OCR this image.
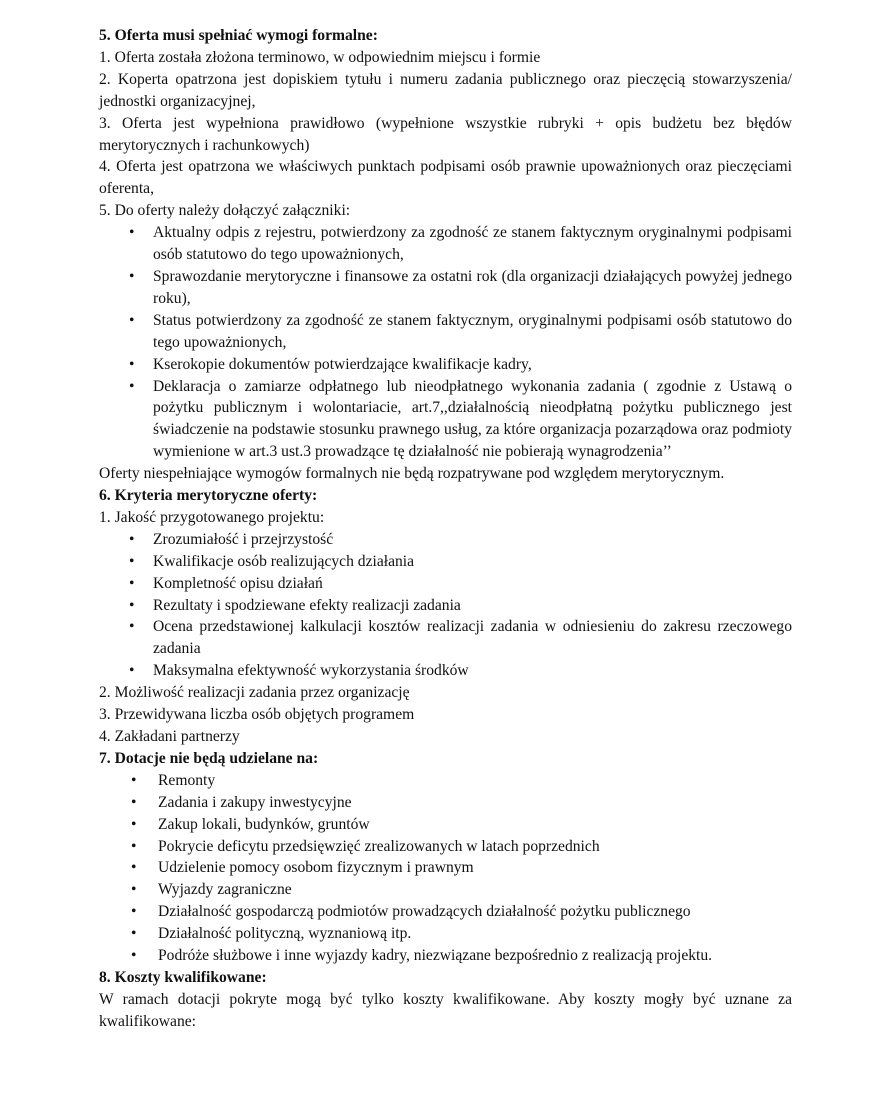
5. Oferta musi spełniać wymogi formalne:
1. Oferta została złożona terminowo, w odpowiednim miejscu i formie
2. Koperta opatrzona jest dopiskiem tytułu i numeru zadania publicznego oraz pieczęcią stowarzyszenia/ jednostki organizacyjnej,
3. Oferta jest wypełniona prawidłowo (wypełnione wszystkie rubryki + opis budżetu bez błędów merytorycznych i rachunkowych)
4. Oferta jest opatrzona we właściwych punktach podpisami osób prawnie upoważnionych oraz pieczęciami oferenta,
5. Do oferty należy dołączyć załączniki:
• Aktualny odpis z rejestru, potwierdzony za zgodność ze stanem faktycznym oryginalnymi podpisami osób statutowo do tego upoważnionych,
• Sprawozdanie merytoryczne i finansowe za ostatni rok (dla organizacji działających powyżej jednego roku),
• Status potwierdzony za zgodność ze stanem faktycznym, oryginalnymi podpisami osób statutowo do tego upoważnionych,
• Kserokopie dokumentów potwierdzające kwalifikacje kadry,
• Deklaracja o zamiarze odpłatnego lub nieodpłatnego wykonania zadania ( zgodnie z Ustawą o pożytku publicznym i wolontariacie, art.7,,działalnością nieodpłatną pożytku publicznego jest świadczenie na podstawie stosunku prawnego usług, za które organizacja pozarządowa oraz podmioty wymienione w art.3 ust.3 prowadzące tę działalność nie pobierają wynagrodzenia’’
Oferty niespełniające wymogów formalnych nie będą rozpatrywane pod względem merytorycznym.
6. Kryteria merytoryczne oferty:
1. Jakość przygotowanego projektu:
• Zrozumiałość i przejrzystość
• Kwalifikacje osób realizujących działania
• Kompletność opisu działań
• Rezultaty i spodziewane efekty realizacji zadania
• Ocena przedstawionej kalkulacji kosztów realizacji zadania w odniesieniu do zakresu rzeczowego zadania
• Maksymalna efektywność wykorzystania środków
2. Możliwość realizacji zadania przez organizację
3. Przewidywana liczba osób objętych programem
4. Zakładani partnerzy
7. Dotacje nie będą udzielane na:
• Remonty
• Zadania i zakupy inwestycyjne
• Zakup lokali, budynków, gruntów
• Pokrycie deficytu przedsięwzięć zrealizowanych w latach poprzednich
• Udzielenie pomocy osobom fizycznym i prawnym
• Wyjazdy zagraniczne
• Działalność gospodarczą podmiotów prowadzących działalność pożytku publicznego
• Działalność polityczną, wyznaniową itp.
• Podróże służbowe i inne wyjazdy kadry, niezwiązane bezpośrednio z realizacją projektu.
8. Koszty kwalifikowane:
W ramach dotacji pokryte mogą być tylko koszty kwalifikowane. Aby koszty mogły być uznane za kwalifikowane:
